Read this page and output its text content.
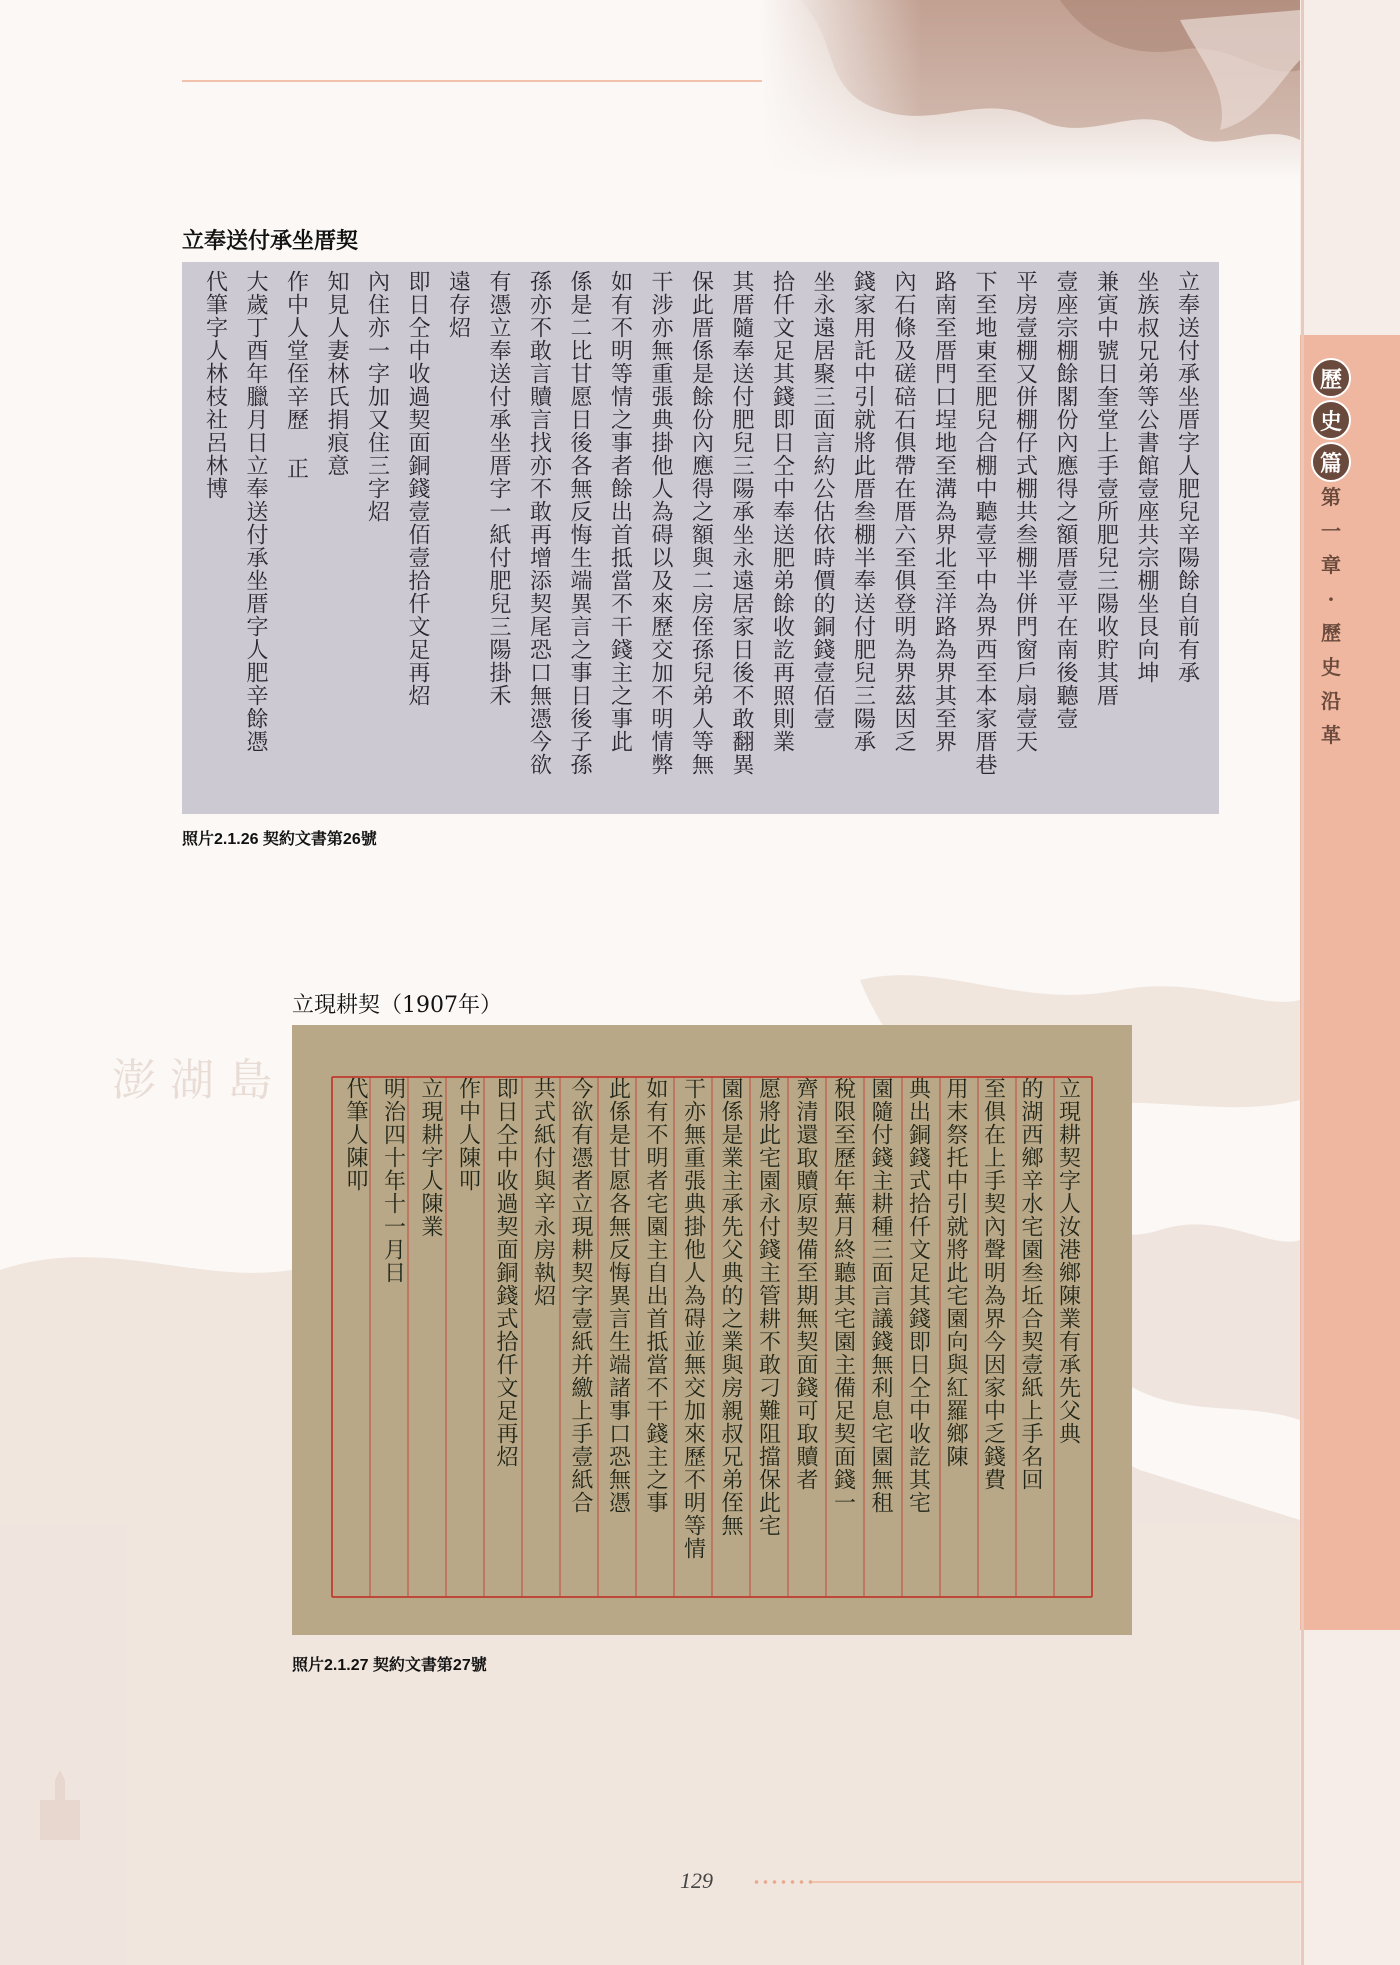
澎 湖 島
歷
史
篇
第
一
章
·
歷
史
沿
革
立奉送付承坐厝契
立奉送付承坐厝字人肥兒辛陽餘自前有承
坐族叔兄弟等公書館壹座共宗棚坐艮向坤
兼寅中號日奎堂上手壹所肥兒三陽收貯其厝
壹座宗棚餘閣份內應得之額厝壹平在南後聽壹
平房壹棚又併棚仔式棚共叁棚半併門窗戶扇壹天
下至地東至肥兒合棚中聽壹平中為界西至本家厝巷
路南至厝門口埕地至溝為界北至洋路為界其至界
內石條及磋碚石俱帶在厝六至俱登明為界茲因乏
錢家用託中引就將此厝叁棚半奉送付肥兒三陽承
坐永遠居聚三面言約公估依時價的銅錢壹佰壹
拾仟文足其錢即日仝中奉送肥弟餘收訖再照則業
其厝隨奉送付肥兒三陽承坐永遠居家日後不敢翻異
保此厝係是餘份內應得之額與二房侄孫兒弟人等無
干涉亦無重張典掛他人為碍以及來歷交加不明情弊
如有不明等情之事者餘出首抵當不干錢主之事此
係是二比甘愿日後各無反悔生端異言之事日後子孫
孫亦不敢言贖言找亦不敢再增添契尾恐口無憑今欲
有憑立奉送付承坐厝字一紙付肥兒三陽掛禾
遠存炤
即日仝中收過契面銅錢壹佰壹拾仟文足再炤
內住亦一字加又住三字炤
知見人妻林氏捐痕意
作中人堂侄辛歷 正
大歲丁酉年臘月日立奉送付承坐厝字人肥辛餘憑
代筆字人林枝社呂林博
照片2.1.26 契約文書第26號
立現耕契（1907年）
立現耕契字人汝港鄉陳業有承先父典
的湖西鄉辛水宅園叁坵合契壹紙上手名回
至俱在上手契內聲明為界今因家中乏錢費
用末祭托中引就將此宅園向與紅羅鄉陳
典出銅錢式拾仟文足其錢即日仝中收訖其宅
園隨付錢主耕種三面言議錢無利息宅園無租
稅限至歷年蕪月終聽其宅園主備足契面錢一
齊清還取贖原契備至期無契面錢可取贖者
愿將此宅園永付錢主管耕不敢刁難阻擋保此宅
園係是業主承先父典的之業與房親叔兄弟侄無
干亦無重張典掛他人為碍並無交加來歷不明等情
如有不明者宅園主自出首抵當不干錢主之事
此係是甘愿各無反悔異言生端諸事口恐無憑
今欲有憑者立現耕契字壹紙并繳上手壹紙合
共式紙付與辛永房執炤
即日仝中收過契面銅錢式拾仟文足再炤
作中人陳叩
立現耕字人陳業
明治四十年十一月日
代筆人陳叩
照片2.1.27 契約文書第27號
129
